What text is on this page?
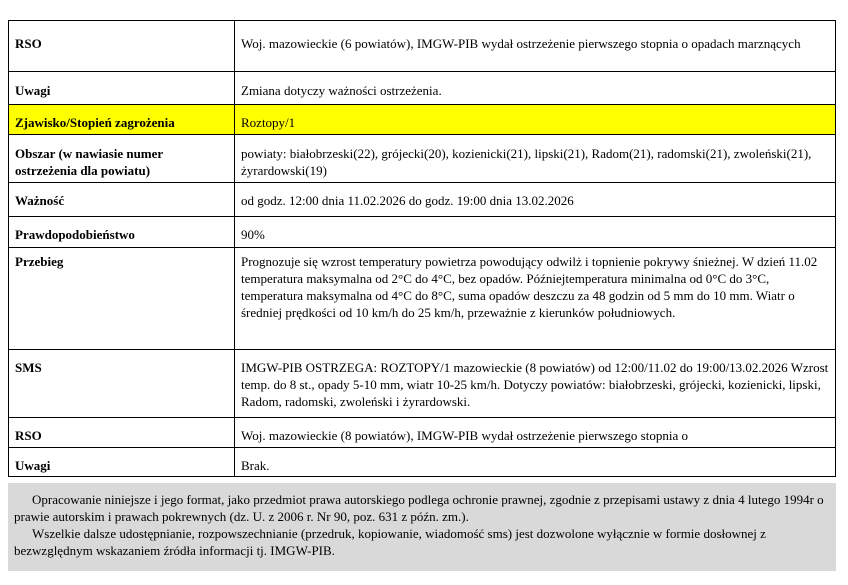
RSO	Woj. mazowieckie (6 powiatów), IMGW-PIB wydał ostrzeżenie pierwszego stopnia o opadach marznących
Uwagi	Zmiana dotyczy ważności ostrzeżenia.
Zjawisko/Stopień zagrożenia	Roztopy/1
Obszar (w nawiasie numer ostrzeżenia dla powiatu)	powiaty: białobrzeski(22), grójecki(20), kozienicki(21), lipski(21), Radom(21), radomski(21), zwoleński(21), żyrardowski(19)
Ważność	od godz. 12:00 dnia 11.02.2026 do godz. 19:00 dnia 13.02.2026
Prawdopodobieństwo	90%
Przebieg	Prognozuje się wzrost temperatury powietrza powodujący odwilż i topnienie pokrywy śnieżnej. W dzień 11.02 temperatura maksymalna od 2°C do 4°C, bez opadów. Późniejtemperatura minimalna od 0°C do 3°C, temperatura maksymalna od 4°C do 8°C, suma opadów deszczu za 48 godzin od 5 mm do 10 mm. Wiatr o średniej prędkości od 10 km/h do 25 km/h, przeważnie z kierunków południowych.
SMS	IMGW-PIB OSTRZEGA: ROZTOPY/1 mazowieckie (8 powiatów) od 12:00/11.02 do 19:00/13.02.2026 Wzrost temp. do 8 st., opady 5-10 mm, wiatr 10-25 km/h. Dotyczy powiatów: białobrzeski, grójecki, kozienicki, lipski, Radom, radomski, zwoleński i żyrardowski.
RSO	Woj. mazowieckie (8 powiatów), IMGW-PIB wydał ostrzeżenie pierwszego stopnia o
Uwagi	Brak.

Opracowanie niniejsze i jego format, jako przedmiot prawa autorskiego podlega ochronie prawnej, zgodnie z przepisami ustawy z dnia 4 lutego 1994r o prawie autorskim i prawach pokrewnych (dz. U. z 2006 r. Nr 90, poz. 631 z późn. zm.).

Wszelkie dalsze udostępnianie, rozpowszechnianie (przedruk, kopiowanie, wiadomość sms) jest dozwolone wyłącznie w formie dosłownej z bezwzględnym wskazaniem źródła informacji tj. IMGW-PIB.
